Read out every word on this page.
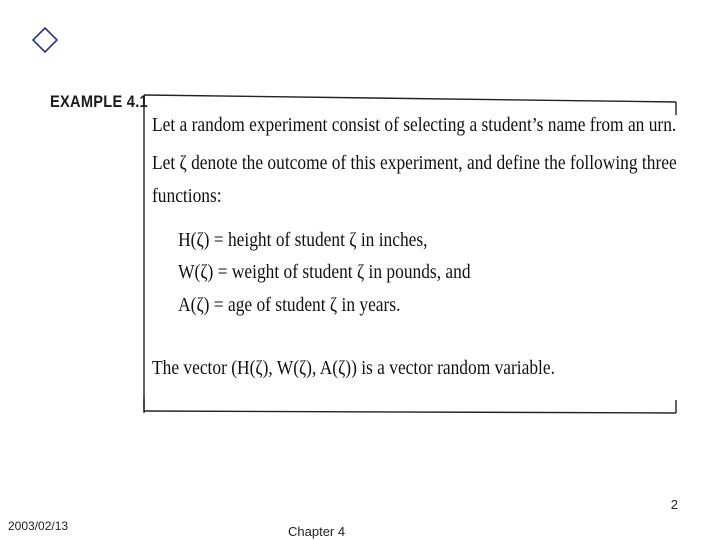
EXAMPLE 4.1
Let a random experiment consist of selecting a student’s name from an urn.
Let ζ denote the outcome of this experiment, and define the following three
functions:
H(ζ) = height of student ζ in inches,
W(ζ) = weight of student ζ in pounds, and
A(ζ) = age of student ζ in years.
The vector (H(ζ), W(ζ), A(ζ)) is a vector random variable.
2
2003/02/13	Chapter 4
